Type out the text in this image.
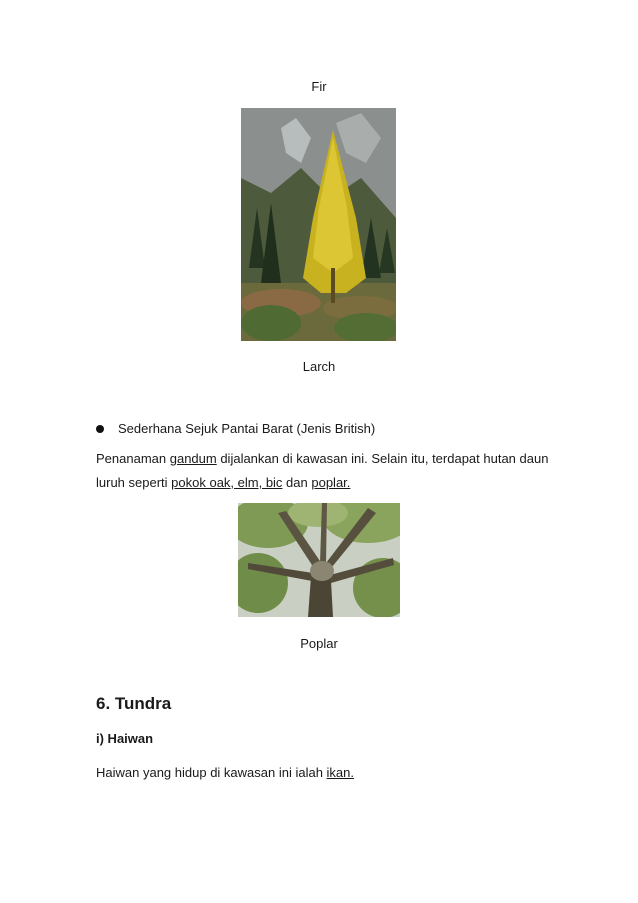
Fir
Larch
Sederhana Sejuk Pantai Barat (Jenis British)
Penanaman gandum dijalankan di kawasan ini. Selain itu, terdapat hutan daun
luruh seperti pokok oak, elm, bic dan poplar.
Poplar
6. Tundra
i) Haiwan
Haiwan yang hidup di kawasan ini ialah ikan.
